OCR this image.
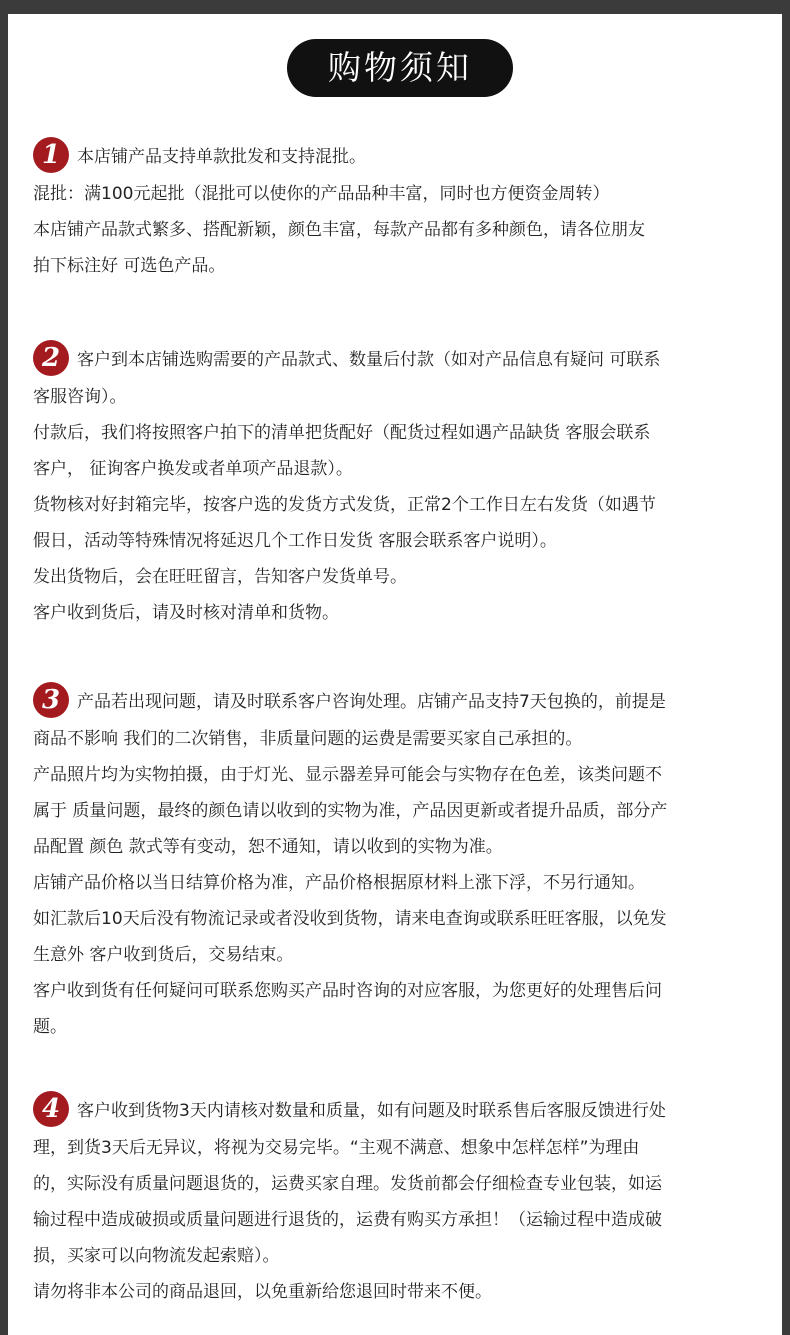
购物须知
1 本店铺产品支持单款批发和支持混批。
混批：满100元起批（混批可以使你的产品品种丰富，同时也方便资金周转）
本店铺产品款式繁多、搭配新颖，颜色丰富，每款产品都有多种颜色，请各位朋友
拍下标注好 可选色产品。
2 客户到本店铺选购需要的产品款式、数量后付款（如对产品信息有疑问 可联系
客服咨询）。
付款后，我们将按照客户拍下的清单把货配好（配货过程如遇产品缺货 客服会联系
客户， 征询客户换发或者单项产品退款）。
货物核对好封箱完毕，按客户选的发货方式发货，正常2个工作日左右发货（如遇节
假日，活动等特殊情况将延迟几个工作日发货 客服会联系客户说明）。
发出货物后，会在旺旺留言，告知客户发货单号。
客户收到货后，请及时核对清单和货物。
3 产品若出现问题，请及时联系客户咨询处理。店铺产品支持7天包换的，前提是
商品不影响 我们的二次销售，非质量问题的运费是需要买家自己承担的。
产品照片均为实物拍摄，由于灯光、显示器差异可能会与实物存在色差，该类问题不
属于 质量问题，最终的颜色请以收到的实物为准，产品因更新或者提升品质，部分产
品配置 颜色 款式等有变动，恕不通知，请以收到的实物为准。
店铺产品价格以当日结算价格为准，产品价格根据原材料上涨下浮，不另行通知。
如汇款后10天后没有物流记录或者没收到货物，请来电查询或联系旺旺客服，以免发
生意外 客户收到货后，交易结束。
客户收到货有任何疑问可联系您购买产品时咨询的对应客服，为您更好的处理售后问
题。
4 客户收到货物3天内请核对数量和质量，如有问题及时联系售后客服反馈进行处
理，到货3天后无异议，将视为交易完毕。“主观不满意、想象中怎样怎样”为理由
的，实际没有质量问题退货的，运费买家自理。发货前都会仔细检查专业包装，如运
输过程中造成破损或质量问题进行退货的，运费有购买方承担！（运输过程中造成破
损，买家可以向物流发起索赔）。
请勿将非本公司的商品退回，以免重新给您退回时带来不便。
